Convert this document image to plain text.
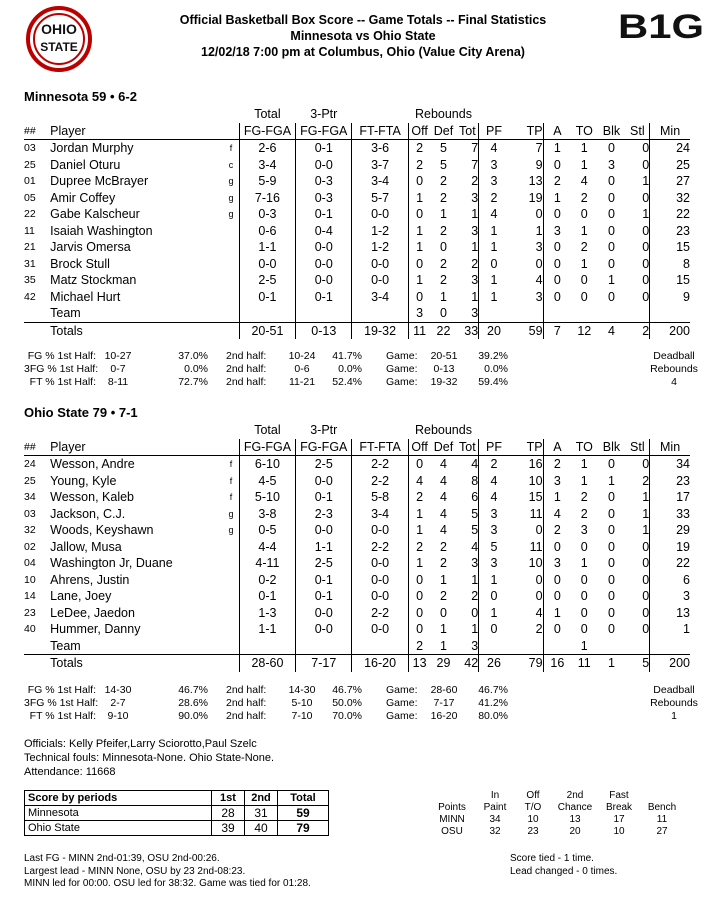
OHIO
STATE
Official Basketball Box Score -- Game Totals -- Final Statistics
Minnesota vs Ohio State
12/02/18 7:00 pm at Columbus, Ohio (Value City Arena)
B1G
Minnesota 59 • 6-2
			Total	3-Ptr		Rebounds									
##	Player		FG-FGA	FG-FGA	FT-FTA	Off	Def	Tot	PF	TP	A	TO	Blk	Stl	Min
03	Jordan Murphy	f	2-6	0-1	3-6	2	5	7	4	7	1	1	0	0	24
25	Daniel Oturu	c	3-4	0-0	3-7	2	5	7	3	9	0	1	3	0	25
01	Dupree McBrayer	g	5-9	0-3	3-4	0	2	2	3	13	2	4	0	1	27
05	Amir Coffey	g	7-16	0-3	5-7	1	2	3	2	19	1	2	0	0	32
22	Gabe Kalscheur	g	0-3	0-1	0-0	0	1	1	4	0	0	0	0	1	22
11	Isaiah Washington		0-6	0-4	1-2	1	2	3	1	1	3	1	0	0	23
21	Jarvis Omersa		1-1	0-0	1-2	1	0	1	1	3	0	2	0	0	15
31	Brock Stull		0-0	0-0	0-0	0	2	2	0	0	0	1	0	0	8
35	Matz Stockman		2-5	0-0	0-0	1	2	3	1	4	0	0	1	0	15
42	Michael Hurt		0-1	0-1	3-4	0	1	1	1	3	0	0	0	0	9
	Team					3	0	3							
	Totals		20-51	0-13	19-32	11	22	33	20	59	7	12	4	2	200
FG % 1st Half: 10-27	37.0% 2nd half:	10-24	41.7% Game:	20-51	39.2%
3FG % 1st Half:	0-7	0.0% 2nd half:	0-6	0.0% Game:	0-13	0.0%
FT % 1st Half:	8-11	72.7% 2nd half:	11-21	52.4% Game:	19-32	59.4%
Deadball
Rebounds
4
Ohio State 79 • 7-1
			Total	3-Ptr		Rebounds									
##	Player		FG-FGA	FG-FGA	FT-FTA	Off	Def	Tot	PF	TP	A	TO	Blk	Stl	Min
24	Wesson, Andre	f	6-10	2-5	2-2	0	4	4	2	16	2	1	0	0	34
25	Young, Kyle	f	4-5	0-0	2-2	4	4	8	4	10	3	1	1	2	23
34	Wesson, Kaleb	f	5-10	0-1	5-8	2	4	6	4	15	1	2	0	1	17
03	Jackson, C.J.	g	3-8	2-3	3-4	1	4	5	3	11	4	2	0	1	33
32	Woods, Keyshawn	g	0-5	0-0	0-0	1	4	5	3	0	2	3	0	1	29
02	Jallow, Musa		4-4	1-1	2-2	2	2	4	5	11	0	0	0	0	19
04	Washington Jr, Duane		4-11	2-5	0-0	1	2	3	3	10	3	1	0	0	22
10	Ahrens, Justin		0-2	0-1	0-0	0	1	1	1	0	0	0	0	0	6
14	Lane, Joey		0-1	0-1	0-0	0	2	2	0	0	0	0	0	0	3
23	LeDee, Jaedon		1-3	0-0	2-2	0	0	0	1	4	1	0	0	0	13
40	Hummer, Danny		1-1	0-0	0-0	0	1	1	0	2	0	0	0	0	1
	Team					2	1	3				1			
	Totals		28-60	7-17	16-20	13	29	42	26	79	16	11	1	5	200
FG % 1st Half: 14-30	46.7% 2nd half:	14-30	46.7% Game:	28-60	46.7%
3FG % 1st Half:	2-7	28.6% 2nd half:	5-10	50.0% Game:	7-17	41.2%
FT % 1st Half:	9-10	90.0% 2nd half:	7-10	70.0% Game:	16-20	80.0%
Deadball
Rebounds
1
Officials: Kelly Pfeifer,Larry Sciorotto,Paul Szelc
Technical fouls: Minnesota-None. Ohio State-None.
Attendance: 11668
Score by periods	1st	2nd	Total
Minnesota	28	31	59
Ohio State	39	40	79
	In	Off	2nd	Fast	
Points	Paint	T/O	Chance	Break	Bench
MINN	34	10	13	17	11
OSU	32	23	20	10	27
Last FG - MINN 2nd-01:39, OSU 2nd-00:26.
Largest lead - MINN None, OSU by 23 2nd-08:23.
MINN led for 00:00. OSU led for 38:32. Game was tied for 01:28.
Score tied - 1 time.
Lead changed - 0 times.
